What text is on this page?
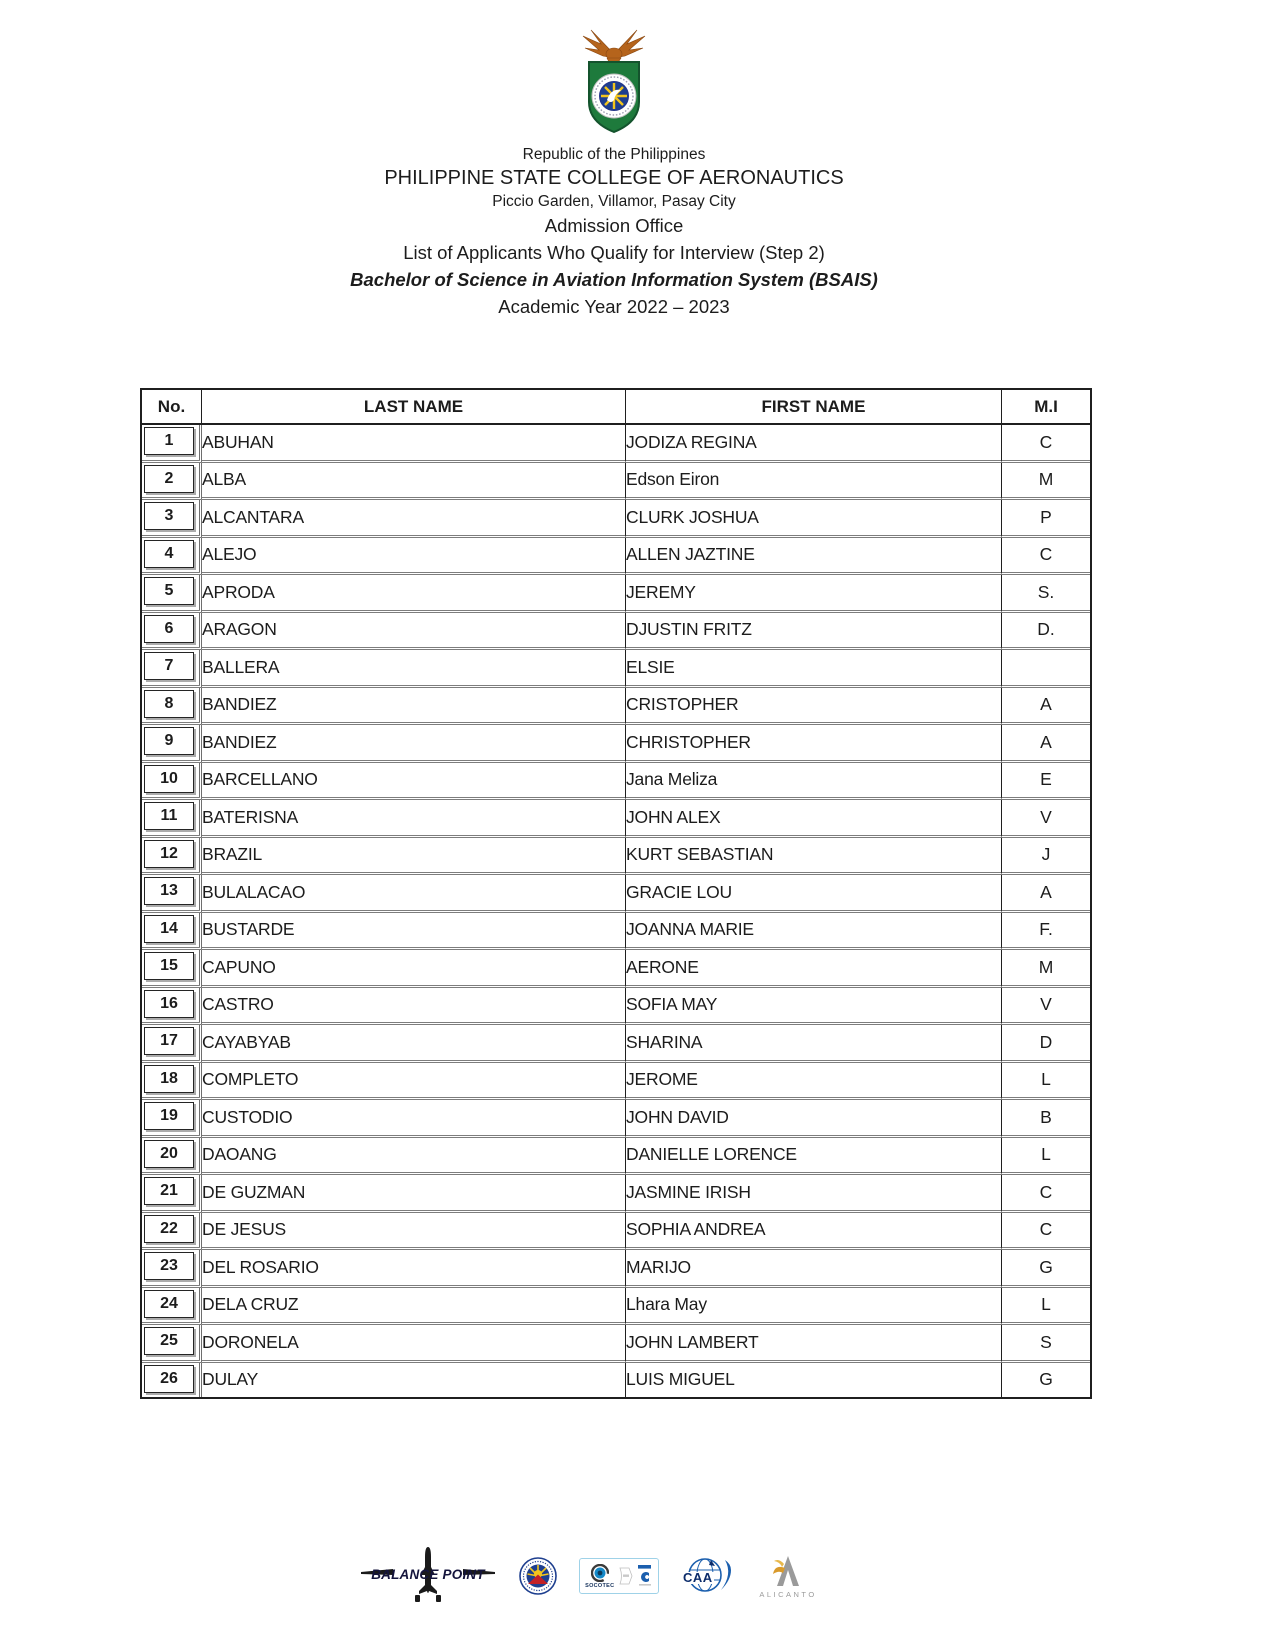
Republic of the Philippines
PHILIPPINE STATE COLLEGE OF AERONAUTICS
Piccio Garden, Villamor, Pasay City
Admission Office
List of Applicants Who Qualify for Interview (Step 2)
Bachelor of Science in Aviation Information System (BSAIS)
Academic Year 2022 – 2023
No.	LAST NAME	FIRST NAME	M.I

1	ABUHAN	JODIZA REGINA	C

2	ALBA	Edson Eiron	M

3	ALCANTARA	CLURK JOSHUA	P

4	ALEJO	ALLEN JAZTINE	C

5	APRODA	JEREMY	S.

6	ARAGON	DJUSTIN FRITZ	D.

7	BALLERA	ELSIE	

8	BANDIEZ	CRISTOPHER	A

9	BANDIEZ	CHRISTOPHER	A

10	BARCELLANO	Jana Meliza	E

11	BATERISNA	JOHN ALEX	V

12	BRAZIL	KURT SEBASTIAN	J

13	BULALACAO	GRACIE LOU	A

14	BUSTARDE	JOANNA MARIE	F.

15	CAPUNO	AERONE	M

16	CASTRO	SOFIA MAY	V

17	CAYABYAB	SHARINA	D

18	COMPLETO	JEROME	L

19	CUSTODIO	JOHN DAVID	B

20	DAOANG	DANIELLE LORENCE	L

21	DE GUZMAN	JASMINE IRISH	C

22	DE JESUS	SOPHIA ANDREA	C

23	DEL ROSARIO	MARIJO	G

24	DELA CRUZ	Lhara May	L

25	DORONELA	JOHN LAMBERT	S

26	DULAY	LUIS MIGUEL	G
BALANCE POINT
SOCOTEC
CAA
ALICANTO
